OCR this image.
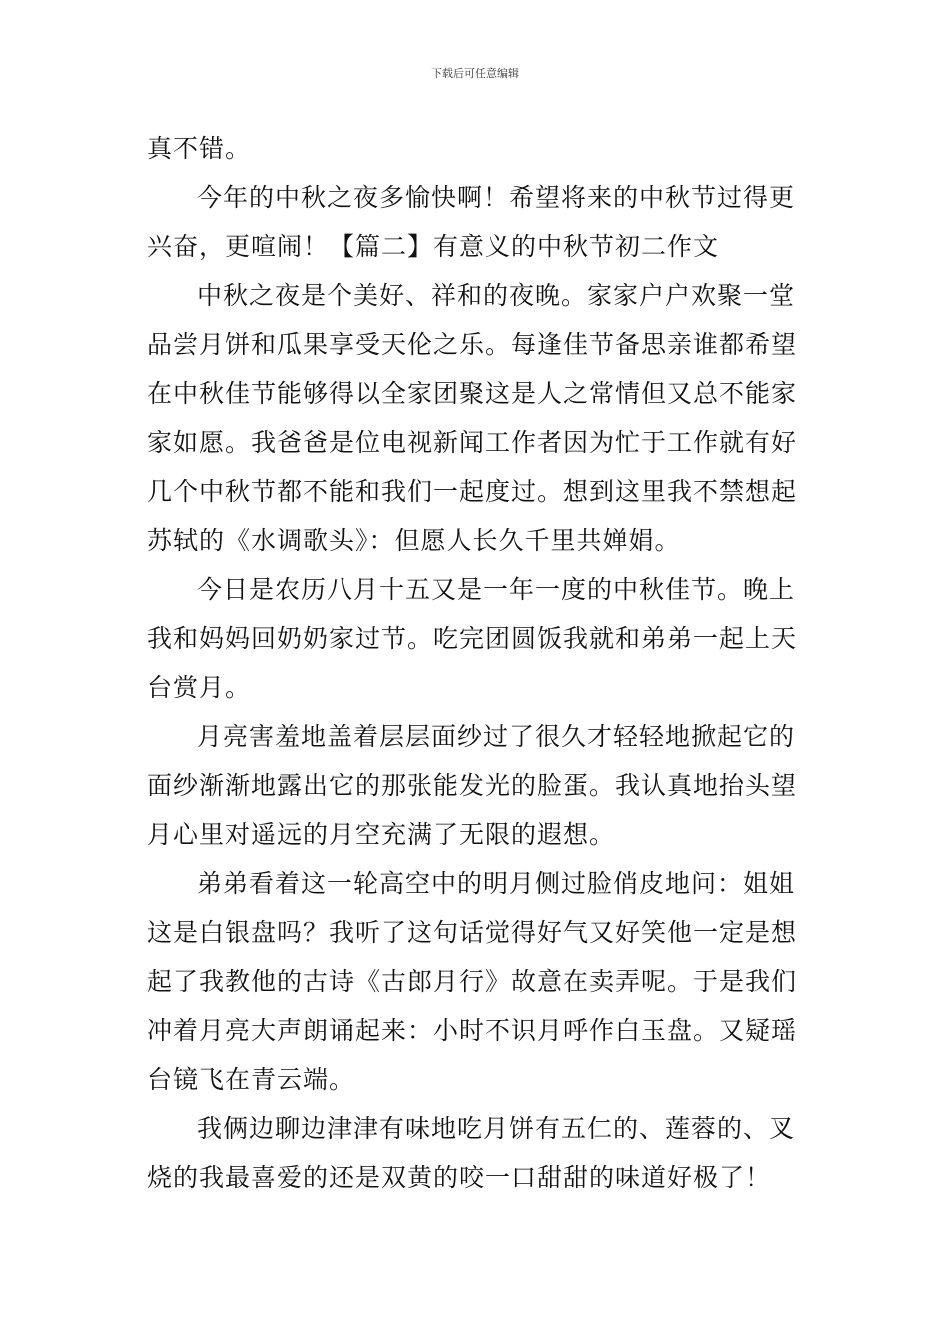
下载后可任意编辑
真不错。
今年的中秋之夜多愉快啊！希望将来的中秋节过得更
兴奋，更喧闹！【篇二】有意义的中秋节初二作文
中秋之夜是个美好、祥和的夜晚。家家户户欢聚一堂
品尝月饼和瓜果享受天伦之乐。每逢佳节备思亲谁都希望
在中秋佳节能够得以全家团聚这是人之常情但又总不能家
家如愿。我爸爸是位电视新闻工作者因为忙于工作就有好
几个中秋节都不能和我们一起度过。想到这里我不禁想起
苏轼的《水调歌头》：但愿人长久千里共婵娟。
今日是农历八月十五又是一年一度的中秋佳节。晚上
我和妈妈回奶奶家过节。吃完团圆饭我就和弟弟一起上天
台赏月。
月亮害羞地盖着层层面纱过了很久才轻轻地掀起它的
面纱渐渐地露出它的那张能发光的脸蛋。我认真地抬头望
月心里对遥远的月空充满了无限的遐想。
弟弟看着这一轮高空中的明月侧过脸俏皮地问：姐姐
这是白银盘吗？我听了这句话觉得好气又好笑他一定是想
起了我教他的古诗《古郎月行》故意在卖弄呢。于是我们
冲着月亮大声朗诵起来：小时不识月呼作白玉盘。又疑瑶
台镜飞在青云端。
我俩边聊边津津有味地吃月饼有五仁的、莲蓉的、叉
烧的我最喜爱的还是双黄的咬一口甜甜的味道好极了！
